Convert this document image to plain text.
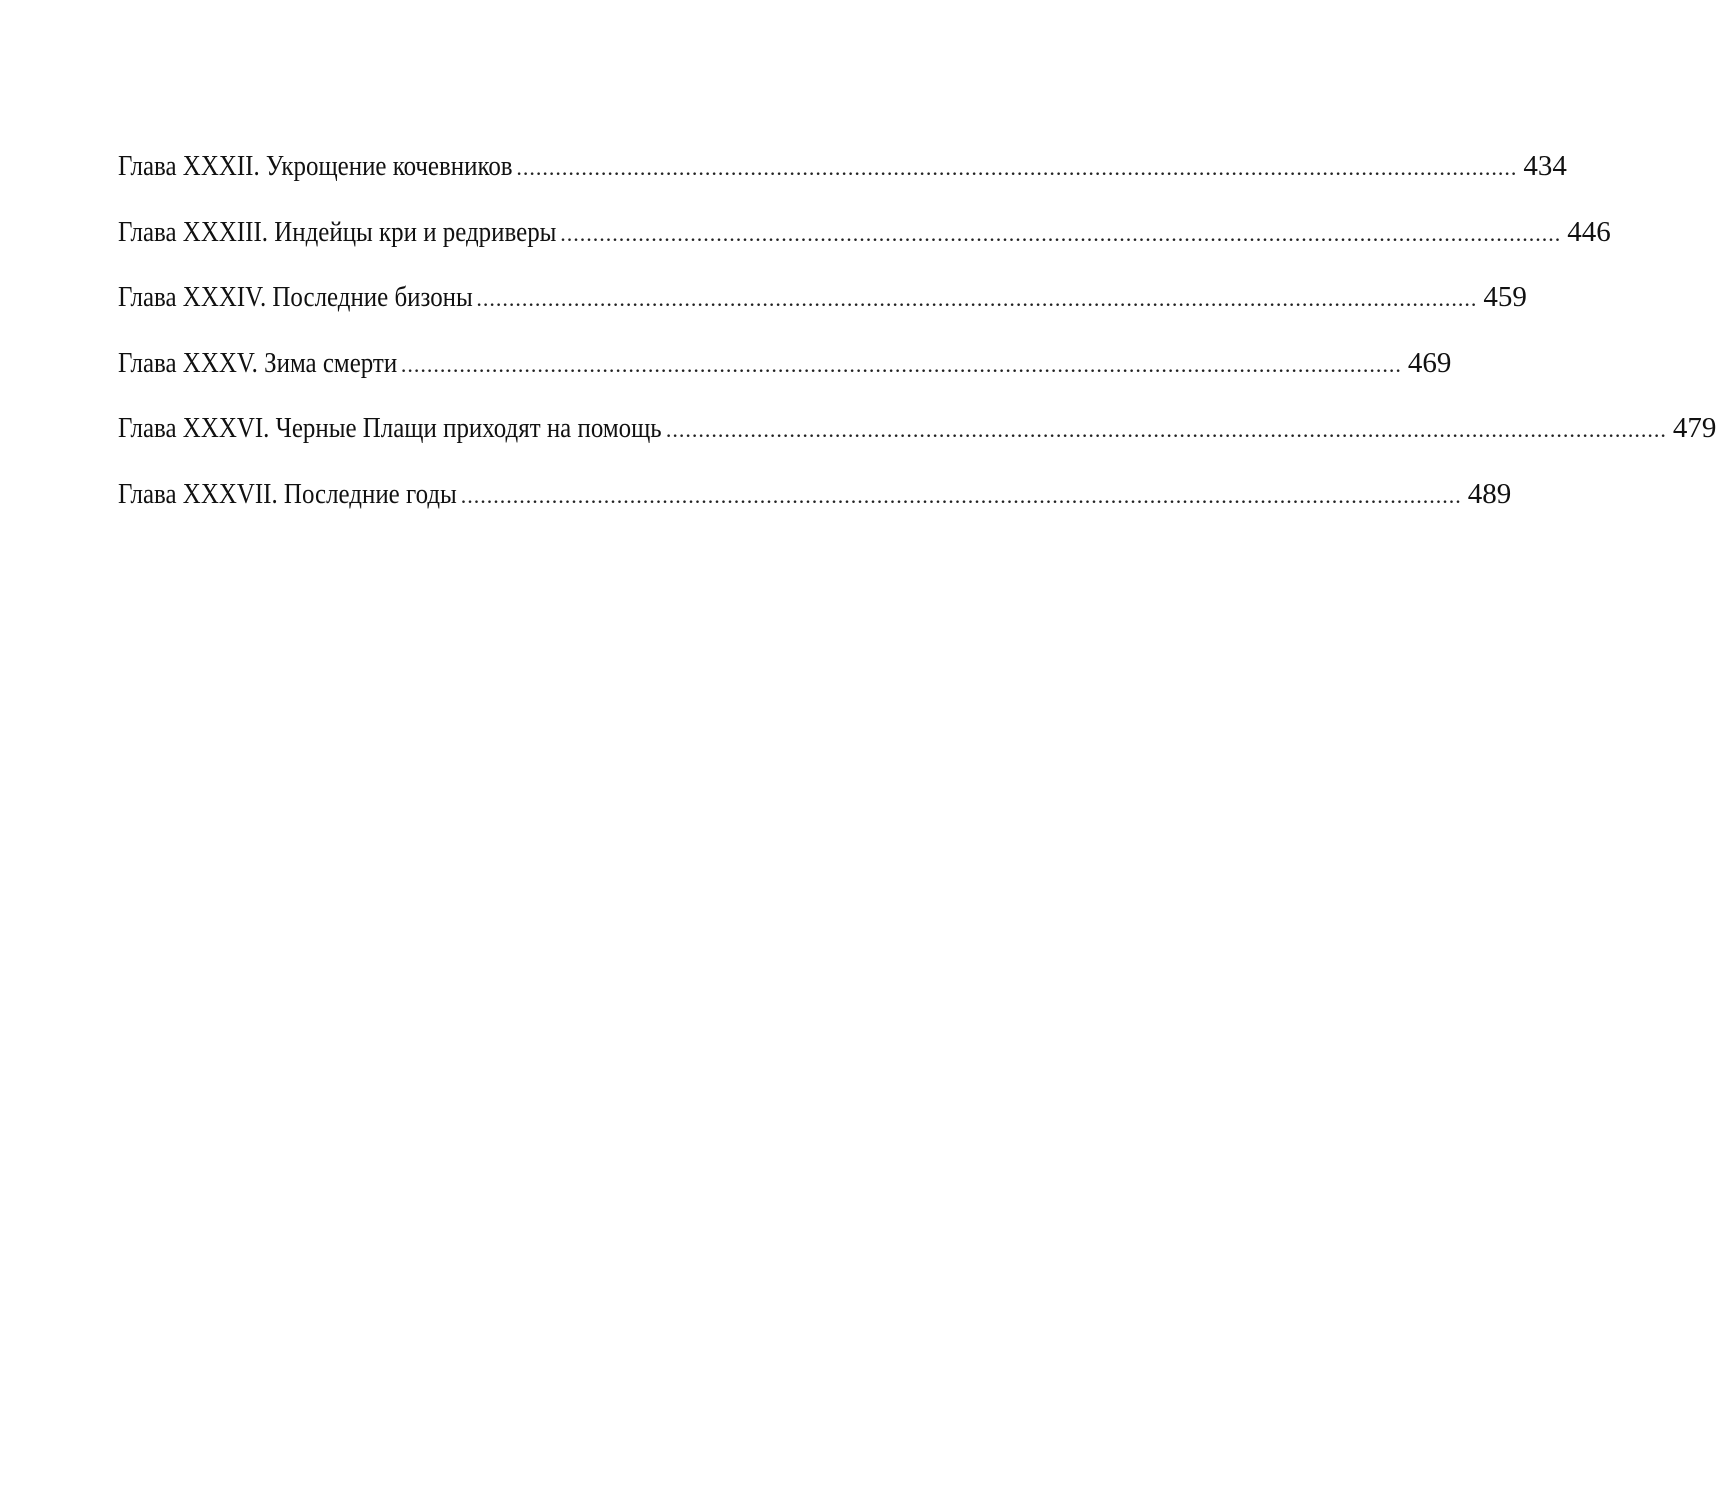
Глава XXXII. Укрощение кочевников .......................................................................................................................................................... 434
Глава XXXIII. Индейцы кри и редриверы .......................................................................................................................................................... 446
Глава XXXIV. Последние бизоны .......................................................................................................................................................... 459
Глава XXXV. Зима смерти .......................................................................................................................................................... 469
Глава XXXVI. Черные Плащи приходят на помощь .......................................................................................................................................................... 479
Глава XXXVII. Последние годы .......................................................................................................................................................... 489
